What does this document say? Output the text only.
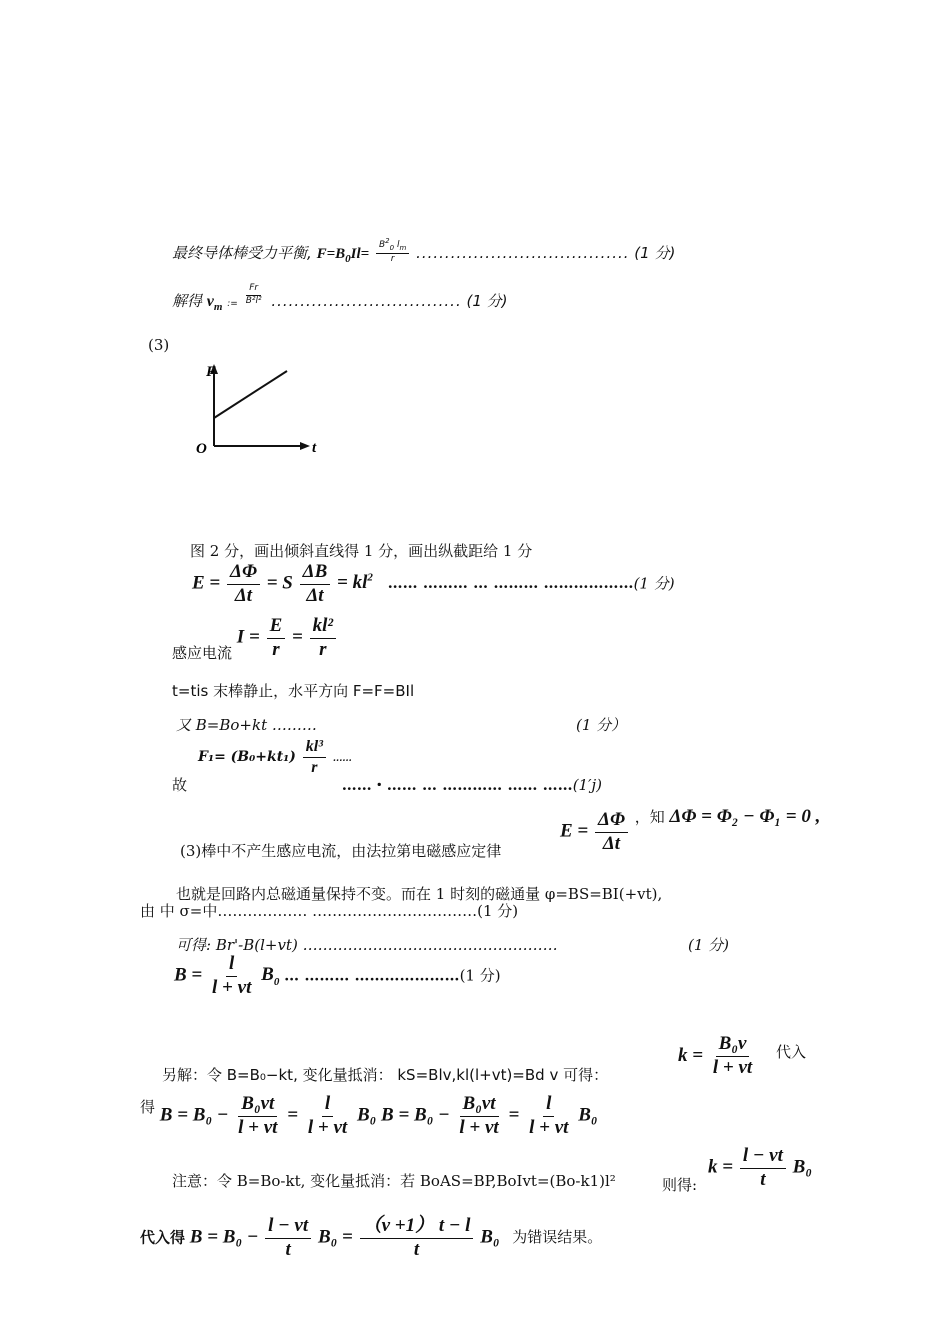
最终导体棒受力平衡, $F=B_0Il= \frac{B^2_0 l_m}{r}$ ..................................... (1 分)
解得 $v_m$ := $\frac{Fr}{\text{B²l²}}$ ................................. (1 分)
(3)
F
t
O
图 2 分，画出倾斜直线得 1 分，画出纵截距给 1 分
$E = \frac{\Delta\Phi}{\Delta t} = S \frac{\Delta B}{\Delta t} = kl^2$ …… ……… … ……… ………………(1 分)
感应电流 $I = \frac{E}{r} = \frac{\text{kl²}}{r}$
t=tis 末棒静止，水平方向 F=F=BIl
又 B=Bo+kt ………	(1 分）
$F_1= (B_0+kt_1) \frac{\text{kl³}}{r}$ ......
故	……・…… … ………… …… ……(1′j)
(3)棒中不产生感应电流，由法拉第电磁感应定律
$E = \frac{\Delta\Phi}{\Delta t}$ ，知 ΔΦ = Φ₂ − Φ₁ = 0 ,
也就是回路内总磁通量保持不变。而在 1 时刻的磁通量 φ=BS=BI(+vt),
由 中 σ=中……………… ……………………………(1 分)
可得: Br'-B(l+vt) ……………………………………………	(1 分)
$B = \frac{l}{l + vt} B_0$ … ……… …………………(1 分)
另解：令 B=B₀−kt, 变化量抵消： kS=Blv,kl(l+vt)=Bd v 可得：
$k = \frac{\text{B₀v}}{l + vt}$ 代入
得 $B = B_0 - \frac{\text{B₀vt}}{l + vt} = \frac{l}{l + vt} B_0$ $B = B_0 - \frac{\text{B₀vt}}{l + vt} = \frac{l}{l + vt} B_0$
注意：令 B=Bo-kt, 变化量抵消：若 BoAS=BP,BoIvt=(Bo-k1)l²	则得:
$k = \frac{l - vt}{t} B_0$
代入得 $B = B_0 - \frac{l - vt}{t} B_0 = \frac{(v +1) t - l}{t} B_0$ 为错误结果。
